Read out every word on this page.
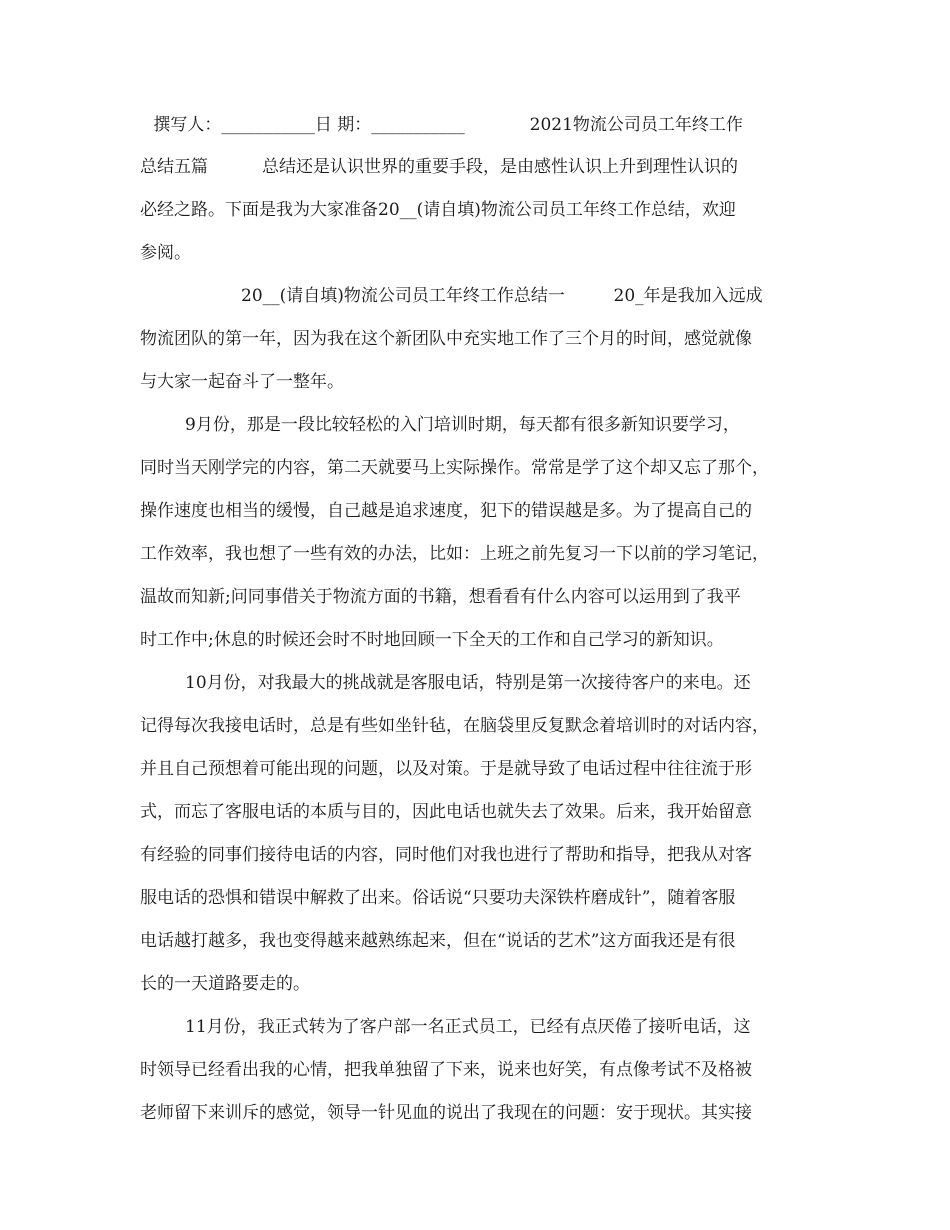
撰写人：___________日 期：___________            2021物流公司员工年终工作
总结五篇          总结还是认识世界的重要手段，是由感性认识上升到理性认识的
必经之路。下面是我为大家准备20__(请自填)物流公司员工年终工作总结，欢迎
参阅。
20__(请自填)物流公司员工年终工作总结一         20_年是我加入远成
物流团队的第一年，因为我在这个新团队中充实地工作了三个月的时间，感觉就像
与大家一起奋斗了一整年。
9月份，那是一段比较轻松的入门培训时期，每天都有很多新知识要学习，
同时当天刚学完的内容，第二天就要马上实际操作。常常是学了这个却又忘了那个，
操作速度也相当的缓慢，自己越是追求速度，犯下的错误越是多。为了提高自己的
工作效率，我也想了一些有效的办法，比如：上班之前先复习一下以前的学习笔记，
温故而知新;问同事借关于物流方面的书籍，想看看有什么内容可以运用到了我平
时工作中;休息的时候还会时不时地回顾一下全天的工作和自己学习的新知识。
10月份，对我最大的挑战就是客服电话，特别是第一次接待客户的来电。还
记得每次我接电话时，总是有些如坐针毡，在脑袋里反复默念着培训时的对话内容，
并且自己预想着可能出现的问题，以及对策。于是就导致了电话过程中往往流于形
式，而忘了客服电话的本质与目的，因此电话也就失去了效果。后来，我开始留意
有经验的同事们接待电话的内容，同时他们对我也进行了帮助和指导，把我从对客
服电话的恐惧和错误中解救了出来。俗话说“只要功夫深铁杵磨成针”，随着客服
电话越打越多，我也变得越来越熟练起来，但在“说话的艺术”这方面我还是有很
长的一天道路要走的。
11月份，我正式转为了客户部一名正式员工，已经有点厌倦了接听电话，这
时领导已经看出我的心情，把我单独留了下来，说来也好笑，有点像考试不及格被
老师留下来训斥的感觉，领导一针见血的说出了我现在的问题：安于现状。其实接
